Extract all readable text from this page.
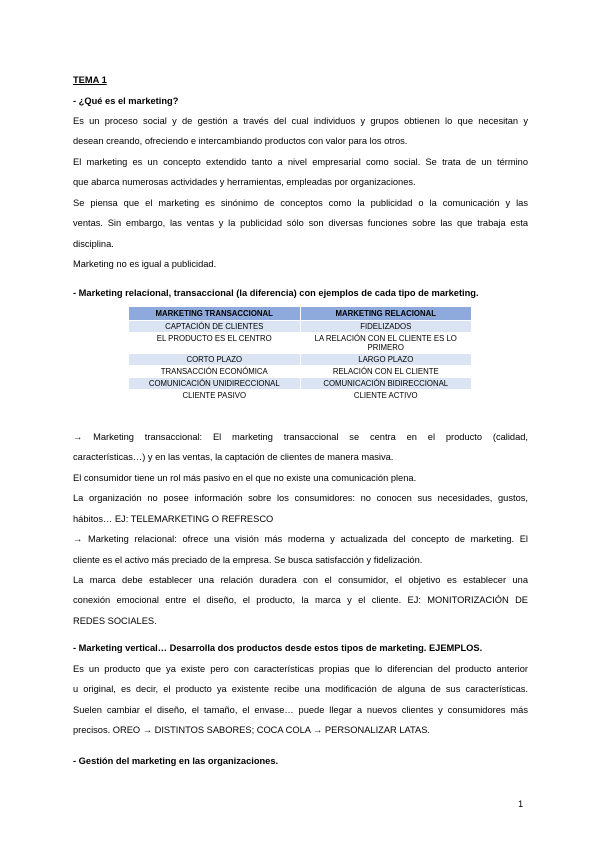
TEMA 1
- ¿Qué es el marketing?
Es un proceso social y de gestión a través del cual individuos y grupos obtienen lo que necesitan y
desean creando, ofreciendo e intercambiando productos con valor para los otros.
El marketing es un concepto extendido tanto a nivel empresarial como social. Se trata de un término
que abarca numerosas actividades y herramientas, empleadas por organizaciones.
Se piensa que el marketing es sinónimo de conceptos como la publicidad o la comunicación y las
ventas. Sin embargo, las ventas y la publicidad sólo son diversas funciones sobre las que trabaja esta
disciplina.
Marketing no es igual a publicidad.
- Marketing relacional, transaccional (la diferencia) con ejemplos de cada tipo de marketing.
MARKETING TRANSACCIONAL	MARKETING RELACIONAL
CAPTACIÓN DE CLIENTES	FIDELIZADOS
EL PRODUCTO ES EL CENTRO	LA RELACIÓN CON EL CLIENTE ES LO PRIMERO
CORTO PLAZO	LARGO PLAZO
TRANSACCIÓN ECONÓMICA	RELACIÓN CON EL CLIENTE
COMUNICACIÓN UNIDIRECCIONAL	COMUNICACIÓN BIDIRECCIONAL
CLIENTE PASIVO	CLIENTE ACTIVO
→ Marketing transaccional: El marketing transaccional se centra en el producto (calidad,
características…) y en las ventas, la captación de clientes de manera masiva.
El consumidor tiene un rol más pasivo en el que no existe una comunicación plena.
La organización no posee información sobre los consumidores: no conocen sus necesidades, gustos,
hábitos… EJ: TELEMARKETING O REFRESCO
→ Marketing relacional: ofrece una visión más moderna y actualizada del concepto de marketing. El
cliente es el activo más preciado de la empresa. Se busca satisfacción y fidelización.
La marca debe establecer una relación duradera con el consumidor, el objetivo es establecer una
conexión emocional entre el diseño, el producto, la marca y el cliente. EJ: MONITORIZACIÓN DE
REDES SOCIALES.
- Marketing vertical… Desarrolla dos productos desde estos tipos de marketing. EJEMPLOS.
Es un producto que ya existe pero con características propias que lo diferencian del producto anterior
u original, es decir, el producto ya existente recibe una modificación de alguna de sus características.
Suelen cambiar el diseño, el tamaño, el envase… puede llegar a nuevos clientes y consumidores más
precisos. OREO → DISTINTOS SABORES; COCA COLA → PERSONALIZAR LATAS.
- Gestión del marketing en las organizaciones.
1
